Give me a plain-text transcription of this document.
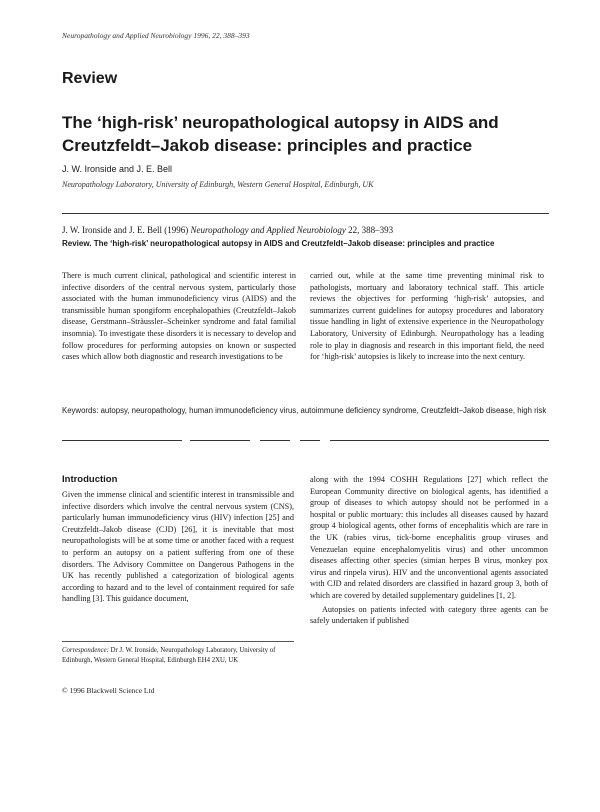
Neuropathology and Applied Neurobiology 1996, 22, 388–393
Review
The ‘high-risk’ neuropathological autopsy in AIDS and Creutzfeldt–Jakob disease: principles and practice
J. W. Ironside and J. E. Bell
Neuropathology Laboratory, University of Edinburgh, Western General Hospital, Edinburgh, UK
J. W. Ironside and J. E. Bell (1996) Neuropathology and Applied Neurobiology 22, 388–393
Review. The ‘high-risk’ neuropathological autopsy in AIDS and Creutzfeldt–Jakob disease: principles and practice
There is much current clinical, pathological and scientific interest in infective disorders of the central nervous system, particularly those associated with the human immunodeficiency virus (AIDS) and the transmissible human spongiform encephalopathies (Creutzfeldt–Jakob disease, Gerstmann–Sträussler–Scheinker syndrome and fatal familial insomnia). To investigate these disorders it is necessary to develop and follow procedures for performing autopsies on known or suspected cases which allow both diagnostic and research investigations to be
carried out, while at the same time preventing minimal risk to pathologists, mortuary and laboratory technical staff. This article reviews the objectives for performing ‘high-risk’ autopsies, and summarizes current guidelines for autopsy procedures and laboratory tissue handling in light of extensive experience in the Neuropathology Laboratory, University of Edinburgh. Neuropathology has a leading role to play in diagnosis and research in this important field, the need for ‘high-risk’ autopsies is likely to increase into the next century.
Keywords: autopsy, neuropathology, human immunodeficiency virus, autoimmune deficiency syndrome, Creutzfeldt–Jakob disease, high risk
Introduction
Given the immense clinical and scientific interest in transmissible and infective disorders which involve the central nervous system (CNS), particularly human immunodeficiency virus (HIV) infection [25] and Creutzfeldt–Jakob disease (CJD) [26], it is inevitable that most neuropathologists will be at some time or another faced with a request to perform an autopsy on a patient suffering from one of these disorders. The Advisory Committee on Dangerous Pathogens in the UK has recently published a categorization of biological agents according to hazard and to the level of containment required for safe handling [3]. This guidance document,
Correspondence: Dr J. W. Ironside, Neuropathology Laboratory, University of Edinburgh, Western General Hospital, Edinburgh EH4 2XU, UK
© 1996 Blackwell Science Ltd
along with the 1994 COSHH Regulations [27] which reflect the European Community directive on biological agents, has identified a group of diseases to which autopsy should not be performed in a hospital or public mortuary: this includes all diseases caused by hazard group 4 biological agents, other forms of encephalitis which are rare in the UK (rabies virus, tick-borne encephalitis group viruses and Venezuelan equine encephalomyelitis virus) and other uncommon diseases affecting other species (simian herpes B virus, monkey pox virus and rinpela virus). HIV and the unconventional agents associated with CJD and related disorders are classified in hazard group 3, both of which are covered by detailed supplementary guidelines [1, 2].
Autopsies on patients infected with category three agents can be safely undertaken if published
